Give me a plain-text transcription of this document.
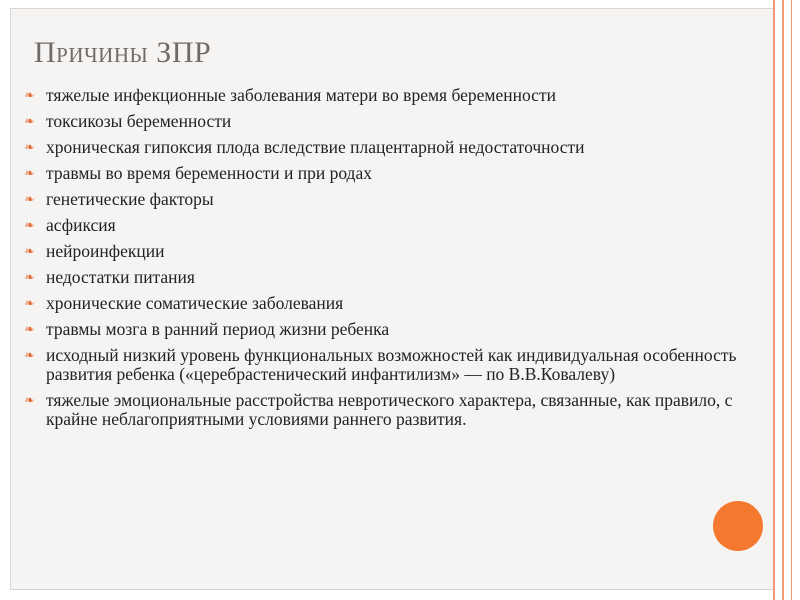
Причины ЗПР
❧ тяжелые инфекционные заболевания матери во время беременности
❧ токсикозы беременности
❧ хроническая гипоксия плода вследствие плацентарной недостаточности
❧ травмы во время беременности и при родах
❧ генетические факторы
❧ асфиксия
❧ нейроинфекции
❧ недостатки питания
❧ хронические соматические заболевания
❧ травмы мозга в ранний период жизни ребенка
❧ исходный низкий уровень функциональных возможностей как индивидуальная особенность развития ребенка («церебрастенический инфантилизм» — по В.В.Ковалеву)
❧ тяжелые эмоциональные расстройства невротического характера, связанные, как правило, с крайне неблагоприятными условиями раннего развития.
